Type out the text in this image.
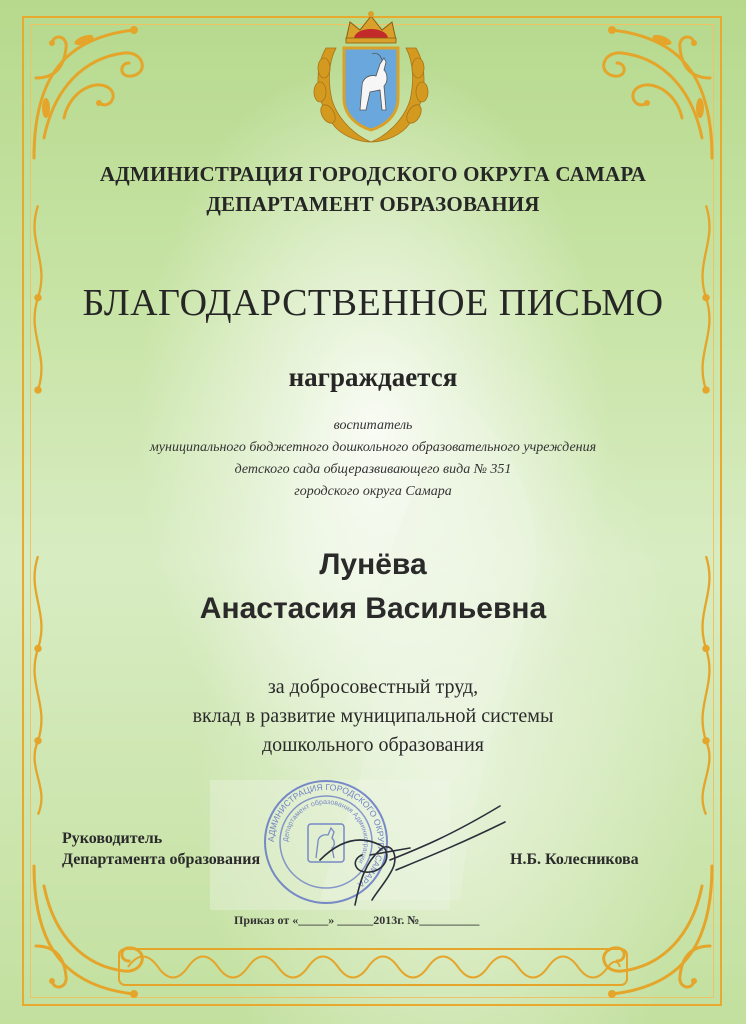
АДМИНИСТРАЦИЯ ГОРОДСКОГО ОКРУГА САМАРА
ДЕПАРТАМЕНТ ОБРАЗОВАНИЯ
БЛАГОДАРСТВЕННОЕ ПИСЬМО
награждается
воспитатель
муниципального бюджетного дошкольного образовательного учреждения
детского сада общеразвивающего вида № 351
городского округа Самара
Лунёва
Анастасия Васильевна
за добросовестный труд,
вклад в развитие муниципальной системы
дошкольного образования
АДМИНИСТРАЦИЯ ГОРОДСКОГО ОКРУГА САМАРА
Департамент образования Администрации
Руководитель
Департамента образования	Н.Б. Колесникова
Приказ от «_____» ______2013г. №__________
